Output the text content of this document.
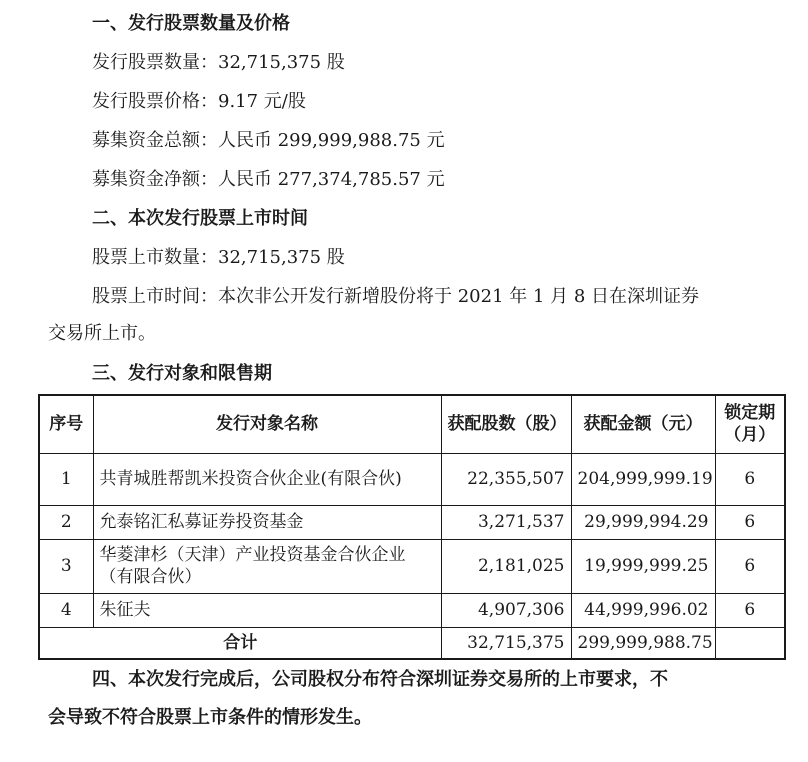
一、发行股票数量及价格
发行股票数量：32,715,375 股
发行股票价格：9.17 元/股
募集资金总额：人民币 299,999,988.75 元
募集资金净额：人民币 277,374,785.57 元
二、本次发行股票上市时间
股票上市数量：32,715,375 股
股票上市时间：本次非公开发行新增股份将于 2021 年 1 月 8 日在深圳证券
交易所上市。
三、发行对象和限售期
序号	发行对象名称	获配股数（股）	获配金额（元）	锁定期（月）
1	共青城胜帮凯米投资合伙企业(有限合伙)	22,355,507	204,999,999.19	6
2	允泰铭汇私募证券投资基金	3,271,537	29,999,994.29	6
3	华菱津杉（天津）产业投资基金合伙企业（有限合伙）	2,181,025	19,999,999.25	6
4	朱征夫	4,907,306	44,999,996.02	6
合计		32,715,375	299,999,988.75	
四、本次发行完成后，公司股权分布符合深圳证券交易所的上市要求，不
会导致不符合股票上市条件的情形发生。
